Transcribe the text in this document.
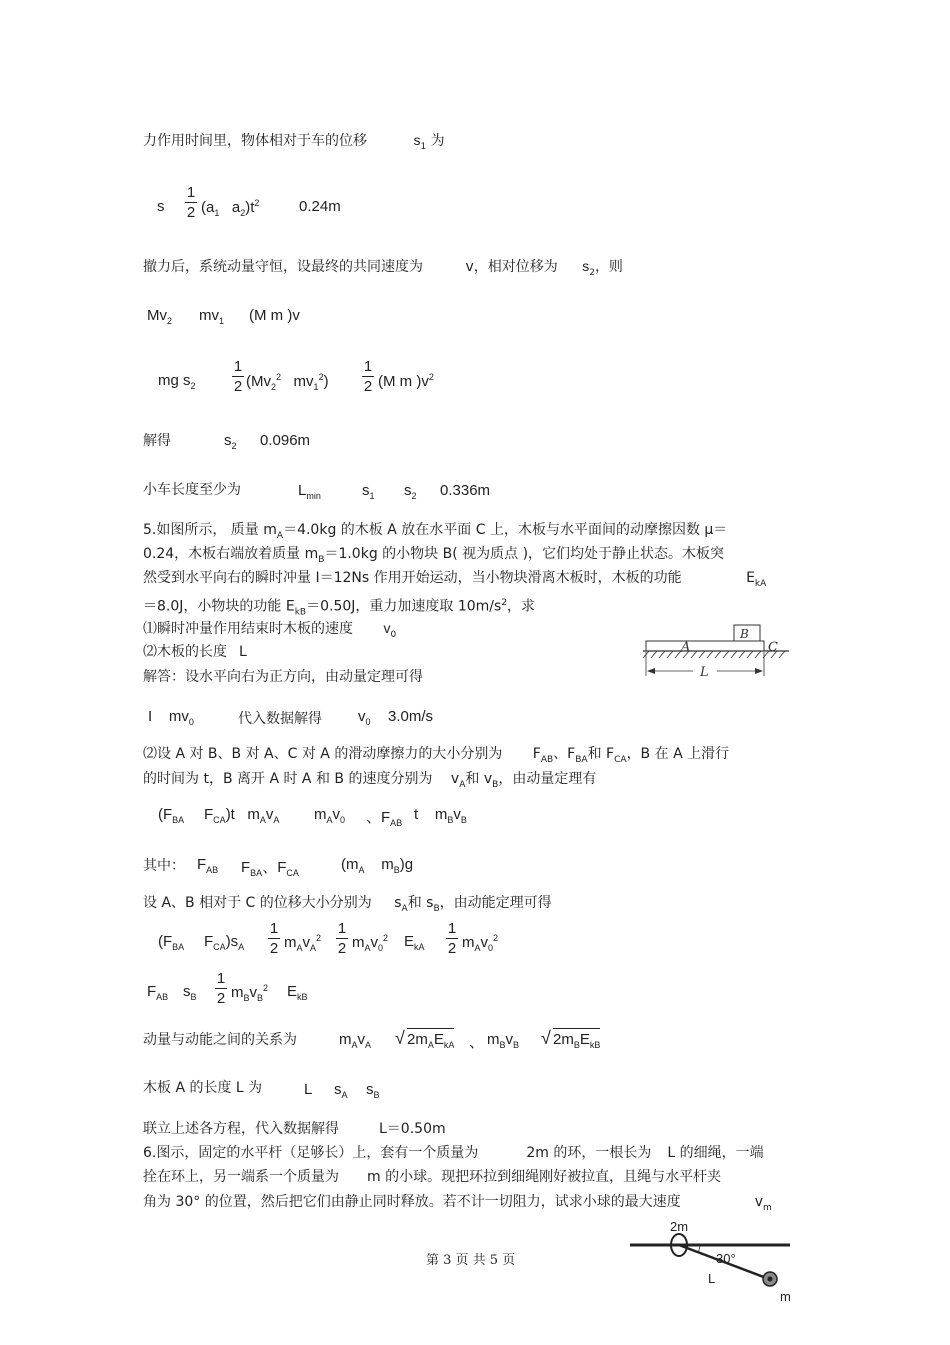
力作用时间里，物体相对于车的位移	$s_1$ 为
s
1
2 ($a_1$ $a_2)t^2$	0.24m
撤力后，系统动量守恒，设最终的共同速度为	v，相对位移为 $s_2$，则
$Mv_2$ $mv_1$ (M m )v
mg $s_2$
1
2 ($Mv_2^2$ $mv_1^2$)
1
2 (M m )$v^2$
解得	$s_2$ 0.096m
小车长度至少为	$L_{min}$	$s_1$ $s_2$ 0.336m
5.如图所示， 质量 $m_A=4.0kg$ 的木板 A 放在水平面 C 上，木板与水平面间的动摩擦因数 μ＝
0.24，木板右端放着质量 $m_B=1.0kg$ 的小物块 B( 视为质点 )，它们均处于静止状态。木板突
然受到水平向右的瞬时冲量 I＝12Ns 作用开始运动，当小物块滑离木板时，木板的功能	$E_{kA}$
＝8.0J，小物块的功能 $E_{kB}=0.50J$，重力加速度取 $10m/s^2$，求
⑴瞬时冲量作用结束时木板的速度 $v_0$
⑵木板的长度 L
解答：设水平向右为正方向，由动量定理可得
A
B
C
L
I    $mv_0$	代入数据解得 $v_0$ 3.0m/s
⑵设 A 对 B、B 对 A、C 对 A 的滑动摩擦力的大小分别为 $F_{AB}$、$F_{BA}$和 $F_{CA}$，B 在 A 上滑行
的时间为 t，B 离开 A 时 A 和 B 的速度分别为 $v_A$和 $v_B$，由动量定理有
($F_{BA}$ $F_{CA})t$   $m_Av_A$ $m_Av_0$ 、$F_{AB}$ t    $m_Bv_B$
其中： $F_{AB}$ $F_{BA}$、$F_{CA}$	($m_A$ $m_B)g$
设 A、B 相对于 C 的位移大小分别为 $s_A$和 $s_B$，由动能定理可得
($F_{BA}$ $F_{CA})s_A$
1
2 $m_Av_A^2$
1
2 $m_Av_0^2$ $E_{kA}$
1
2 $m_Av_0^2$
$F_{AB}$ $s_B$
1
2 $m_Bv_B^2$ $E_{kB}$
动量与动能之间的关系为	$m_Av_A$ √ $2m_AE_{kA}$ 、 $m_Bv_B$ √ $2m_BE_{kB}$
木板 A 的长度 L 为	L $s_A$ $s_B$
联立上述各方程，代入数据解得	L＝0.50m
6.图示，固定的水平杆（足够长）上，套有一个质量为	2m 的环，一根长为 L 的细绳，一端
拴在环上，另一端系一个质量为 m 的小球。现把环拉到细绳刚好被拉直，且绳与水平杆夹
角为 30° 的位置，然后把它们由静止同时释放。若不计一切阻力，试求小球的最大速度	$v_m$
2m
30°
L
m
第 3 页 共 5 页
